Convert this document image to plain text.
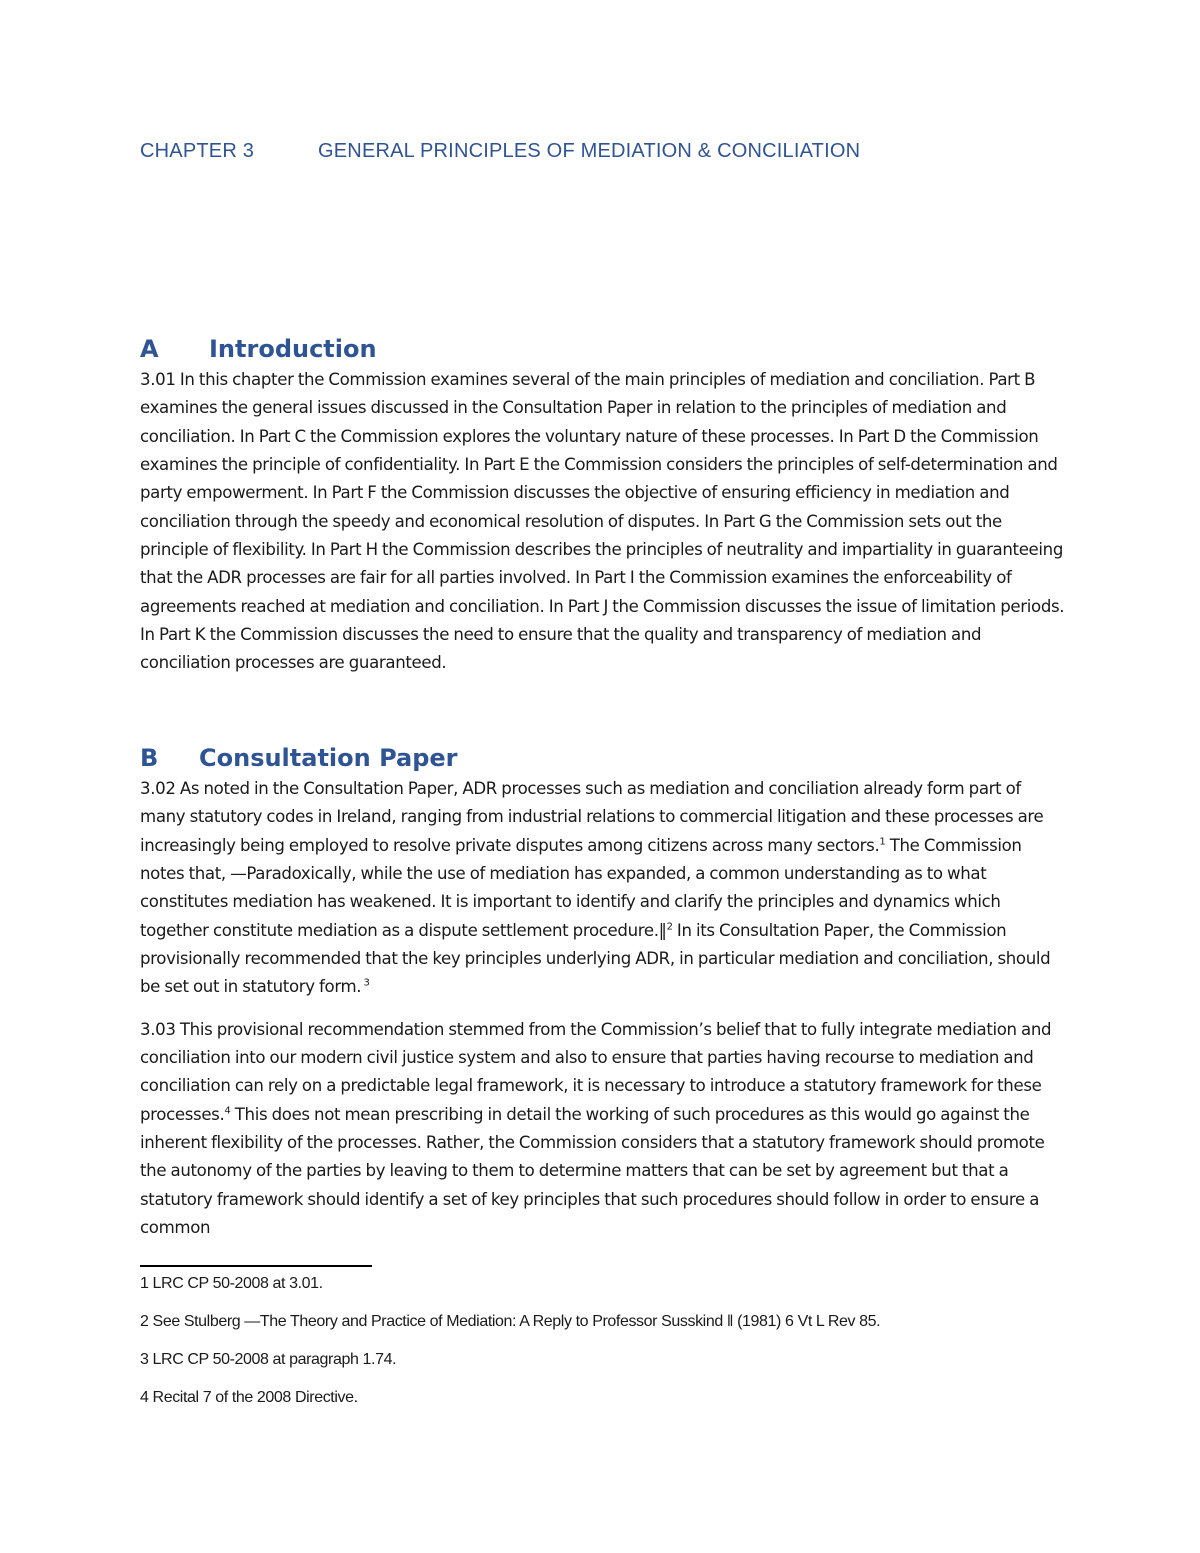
CHAPTER 3	GENERAL PRINCIPLES OF MEDIATION & CONCILIATION
A Introduction

3.01 In this chapter the Commission examines several of the main principles of mediation and conciliation. Part B examines the general issues discussed in the Consultation Paper in relation to the principles of mediation and conciliation. In Part C the Commission explores the voluntary nature of these processes. In Part D the Commission examines the principle of confidentiality. In Part E the Commission considers the principles of self-determination and party empowerment. In Part F the Commission discusses the objective of ensuring efficiency in mediation and conciliation through the speedy and economical resolution of disputes. In Part G the Commission sets out the principle of flexibility. In Part H the Commission describes the principles of neutrality and impartiality in guaranteeing that the ADR processes are fair for all parties involved. In Part I the Commission examines the enforceability of agreements reached at mediation and conciliation. In Part J the Commission discusses the issue of limitation periods. In Part K the Commission discusses the need to ensure that the quality and transparency of mediation and conciliation processes are guaranteed.

B Consultation Paper

3.02 As noted in the Consultation Paper, ADR processes such as mediation and conciliation already form part of many statutory codes in Ireland, ranging from industrial relations to commercial litigation and these processes are increasingly being employed to resolve private disputes among citizens across many sectors.$^1$ The Commission notes that, —Paradoxically, while the use of mediation has expanded, a common understanding as to what constitutes mediation has weakened. It is important to identify and clarify the principles and dynamics which together constitute mediation as a dispute settlement procedure.‖$^2$ In its Consultation Paper, the Commission provisionally recommended that the key principles underlying ADR, in particular mediation and conciliation, should be set out in statutory form. $^3$

3.03 This provisional recommendation stemmed from the Commission’s belief that to fully integrate mediation and conciliation into our modern civil justice system and also to ensure that parties having recourse to mediation and conciliation can rely on a predictable legal framework, it is necessary to introduce a statutory framework for these processes.$^4$ This does not mean prescribing in detail the working of such procedures as this would go against the inherent flexibility of the processes. Rather, the Commission considers that a statutory framework should promote the autonomy of the parties by leaving to them to determine matters that can be set by agreement but that a statutory framework should identify a set of key principles that such procedures should follow in order to ensure a common

1 LRC CP 50-2008 at 3.01.
2 See Stulberg —The Theory and Practice of Mediation: A Reply to Professor Susskind ‖ (1981) 6 Vt L Rev 85.
3 LRC CP 50-2008 at paragraph 1.74.
4 Recital 7 of the 2008 Directive.
